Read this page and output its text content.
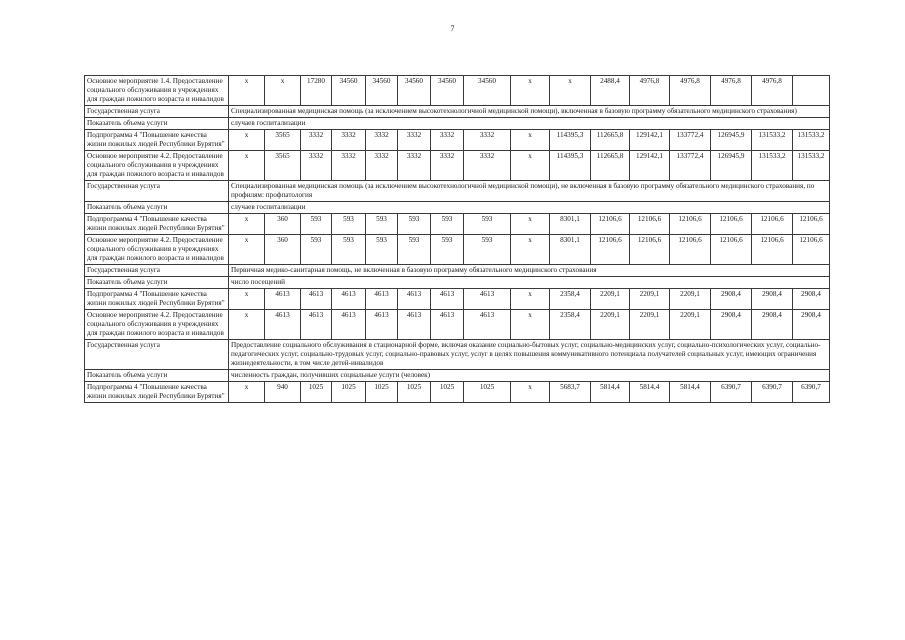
7
Основное мероприятие 1.4. Предоставление социального обслуживания в учреждениях для граждан пожилого возраста и инвалидов	x	x	17280	34560	34560	34560	34560	34560	x	x	2488,4	4976,8	4976,8	4976,8	4976,8	
Государственная услуга	Специализированная медицинская помощь (за исключением высокотехнологичной медицинской помощи), включенная в базовую программу обязательного медицинского страхования)															
Показатель объема услуги	случаев госпитализации															
Подпрограмма 4 "Повышение качества жизни пожилых людей Республики Бурятия"	x	3565	3332	3332	3332	3332	3332	3332	x	114395,3	112665,8	129142,1	133772,4	126945,9	131533,2	131533,2
Основное мероприятие 4.2. Предоставление социального обслуживания в учреждениях для граждан пожилого возраста и инвалидов	x	3565	3332	3332	3332	3332	3332	3332	x	114395,3	112665,8	129142,1	133772,4	126945,9	131533,2	131533,2
Государственная услуга	Специализированная медицинская помощь (за исключением высокотехнологичной медицинской помощи), не включенная в базовую программу обязательного медицинского страхования, по профилям: профпатология															
Показатель объема услуги	случаев госпитализации															
Подпрограмма 4 "Повышение качества жизни пожилых людей Республики Бурятия"	x	360	593	593	593	593	593	593	x	8301,1	12106,6	12106,6	12106,6	12106,6	12106,6	12106,6
Основное мероприятие 4.2. Предоставление социального обслуживания в учреждениях для граждан пожилого возраста и инвалидов	x	360	593	593	593	593	593	593	x	8301,1	12106,6	12106,6	12106,6	12106,6	12106,6	12106,6
Государственная услуга	Первичная медико-санитарная помощь, не включенная в базовую программу обязательного медицинского страхования															
Показатель объема услуги	число посещений															
Подпрограмма 4 "Повышение качества жизни пожилых людей Республики Бурятия"	x	4613	4613	4613	4613	4613	4613	4613	x	2358,4	2209,1	2209,1	2209,1	2908,4	2908,4	2908,4
Основное мероприятие 4.2. Предоставление социального обслуживания в учреждениях для граждан пожилого возраста и инвалидов	x	4613	4613	4613	4613	4613	4613	4613	x	2358,4	2209,1	2209,1	2209,1	2908,4	2908,4	2908,4
Государственная услуга	Предоставление социального обслуживания в стационарной форме, включая оказание социально-бытовых услуг, социально-медицинских услуг, социально-психологических услуг, социально-педагогических услуг, социально-трудовых услуг, социально-правовых услуг, услуг в целях повышения коммуникативного потенциала получателей социальных услуг, имеющих ограничения жизнедеятельности, в том числе детей-инвалидов															
Показатель объема услуги	численность граждан, получивших социальные услуги (человек)															
Подпрограмма 4 "Повышение качества жизни пожилых людей Республики Бурятия"	x	940	1025	1025	1025	1025	1025	1025	x	5683,7	5814,4	5814,4	5814,4	6390,7	6390,7	6390,7
